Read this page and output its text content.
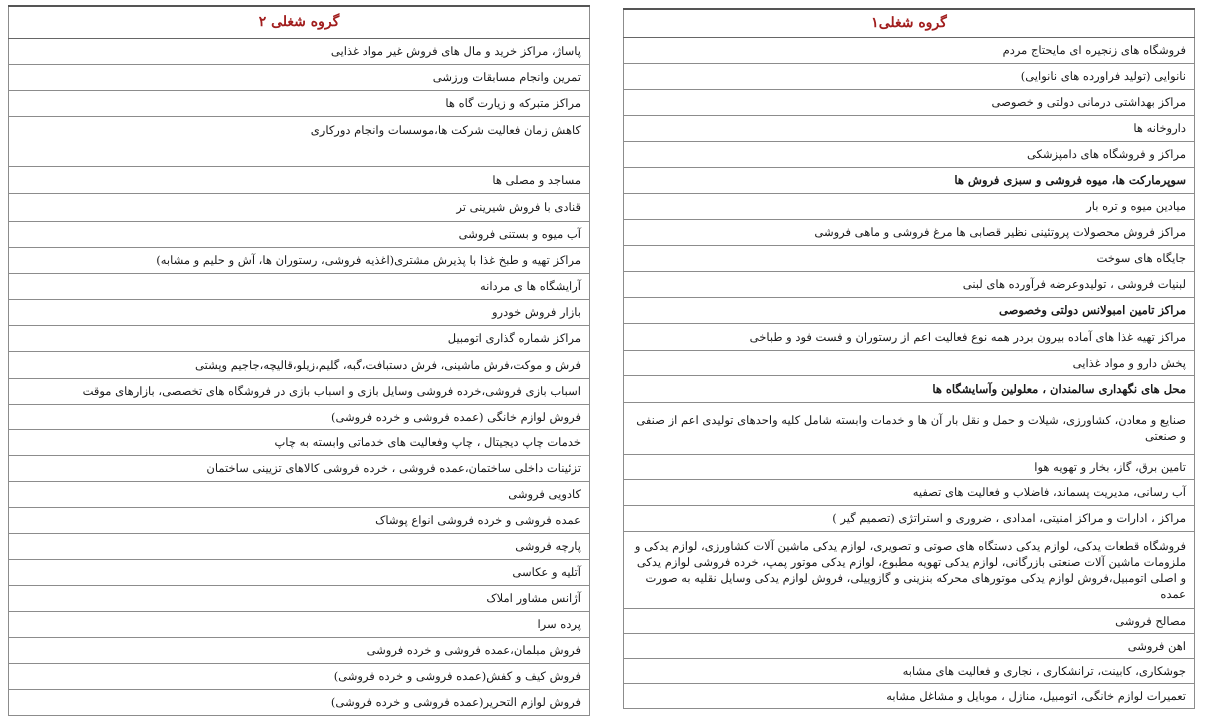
گروه شغلی۱
فروشگاه های زنجیره ای مایحتاج مردم
نانوایی (تولید فراورده های نانوایی)
مراکز بهداشتی درمانی دولتی و خصوصی
داروخانه ها
مراکز و فروشگاه های دامپزشکی
سوپرمارکت ها، میوه فروشی و سبزی فروش ها
میادین میوه و تره بار
مراکز فروش محصولات پروتئینی نظیر قصابی ها مرغ فروشی و ماهی فروشی
جایگاه های سوخت
لبنیات فروشی ، تولیدوعرضه فرآورده های لبنی
مراکز تامین امبولانس دولتی وخصوصی
مراکز تهیه غذا های آماده بیرون بردر همه نوع فعالیت اعم از رستوران و فست فود و طباخی
پخش دارو و مواد غذایی
محل های نگهداری سالمندان ، معلولین وآسایشگاه ها
صنایع و معادن، کشاورزی، شیلات و حمل و نقل بار آن ها و خدمات وابسته شامل کلیه واحدهای تولیدی اعم از صنفی و صنعتی
تامین برق، گاز، بخار و تهویه هوا
آب رسانی، مدیریت پسماند، فاضلاب و فعالیت های تصفیه
مراکز ، ادارات و مراکز امنیتی، امدادی ، ضروری و استراتژی (تصمیم گیر )
فروشگاه قطعات یدکی، لوازم یدکی دستگاه های صوتی و تصویری، لوازم یدکی ماشین آلات کشاورزی، لوازم یدکی و ملزومات ماشین آلات صنعتی بازرگانی، لوازم یدکی تهویه مطبوع، لوازم یدکی موتور پمپ، خرده فروشی لوازم یدکی و اصلی اتومبیل،فروش لوازم یدکی موتورهای محرکه بنزینی و گازوییلی، فروش لوازم یدکی وسایل نقلیه به صورت عمده
مصالح فروشی
اهن فروشی
جوشکاری، کابینت، ترانشکاری ، نجاری و فعالیت های مشابه
تعمیرات لوازم خانگی، اتومبیل، منازل ، موبایل و مشاغل مشابه
گروه شغلی ۲
پاساژ، مراکز خرید و مال های فروش غیر مواد غذایی
تمرین وانجام مسابقات ورزشی
مراکز متبرکه و زیارت گاه ها
کاهش زمان فعالیت شرکت ها،موسسات وانجام دورکاری
مساجد و مصلی ها
قنادی با فروش شیرینی تر
آب میوه و بستنی فروشی
مراکز تهیه و طبخ غذا با پذیرش مشتری(اغذیه فروشی، رستوران ها، آش و حلیم و مشابه)
آرایشگاه ها ی مردانه
بازار فروش خودرو
مراکز شماره گذاری اتومبیل
فرش و موکت،فرش ماشینی، فرش دستبافت،گبه، گلیم،زیلو،قالیچه،جاجیم وپشتی
اسباب بازی فروشی،خرده فروشی وسایل بازی و اسباب بازی در فروشگاه های تخصصی، بازارهای موقت
فروش لوازم خانگی (عمده فروشی و خرده فروشی)
خدمات چاپ دیجیتال ، چاپ وفعالیت های خدماتی وابسته به چاپ
تزئینات داخلی ساختمان،عمده فروشی ، خرده فروشی کالاهای تزیینی ساختمان
کادویی فروشی
عمده فروشی و خرده فروشی انواع پوشاک
پارچه فروشی
آتلیه و عکاسی
آژانس مشاور املاک
پرده سرا
فروش مبلمان،عمده فروشی و خرده فروشی
فروش کیف و کفش(عمده فروشی و خرده فروشی)
فروش لوازم التحریر(عمده فروشی و خرده فروشی)
